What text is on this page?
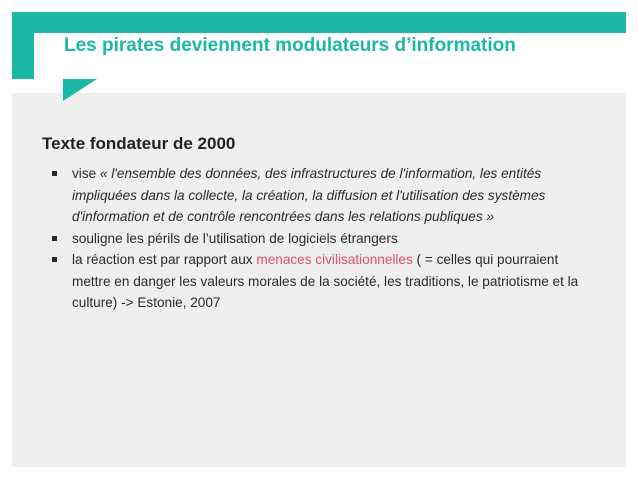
Les pirates deviennent modulateurs d’information
Texte fondateur de 2000
vise « l'ensemble des données, des infrastructures de l'information, les entités impliquées dans la collecte, la création, la diffusion et l'utilisation des systèmes d'information et de contrôle rencontrées dans les relations publiques »
souligne les périls de l’utilisation de logiciels étrangers
la réaction est par rapport aux menaces civilisationnelles ( = celles qui pourraient mettre en danger les valeurs morales de la société, les traditions, le patriotisme et la culture) -> Estonie, 2007
